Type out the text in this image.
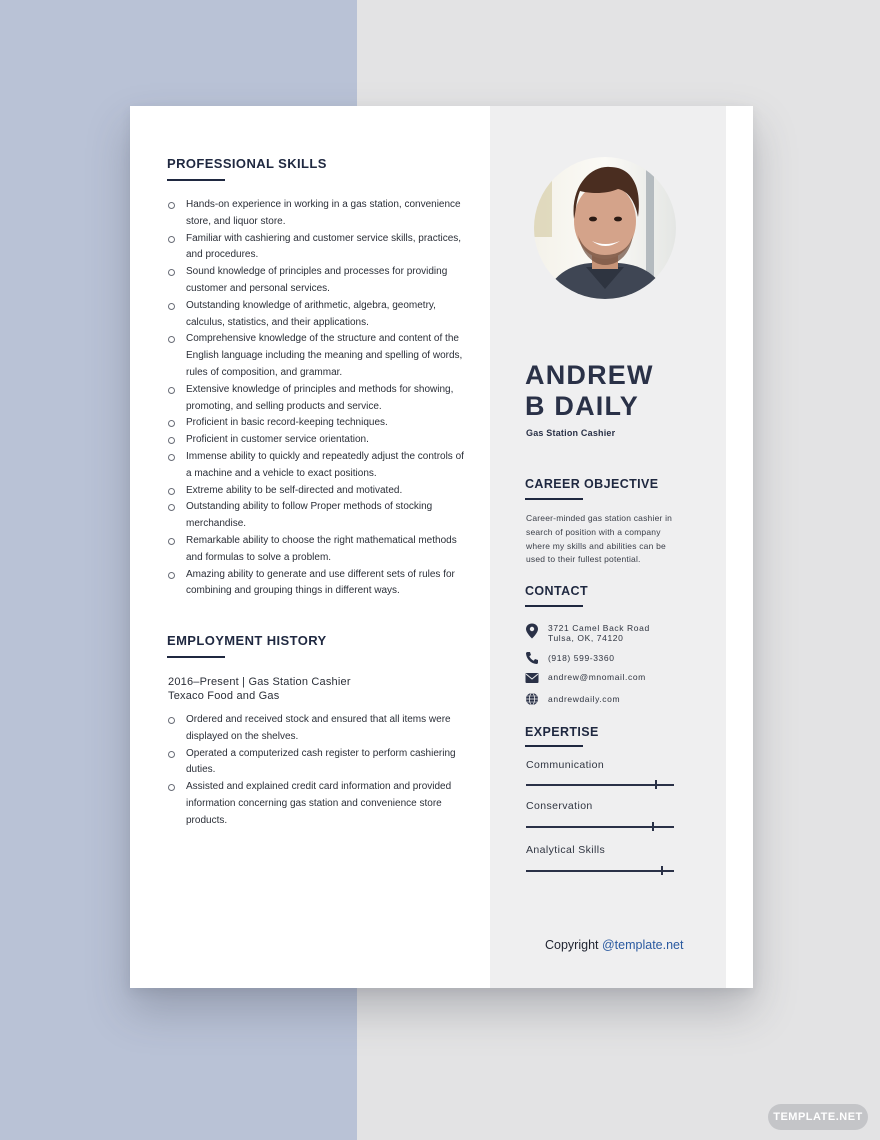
PROFESSIONAL SKILLS
Hands-on experience in working in a gas station, convenience store, and liquor store.
Familiar with cashiering and customer service skills, practices, and procedures.
Sound knowledge of principles and processes for providing customer and personal services.
Outstanding knowledge of arithmetic, algebra, geometry, calculus, statistics, and their applications.
Comprehensive knowledge of the structure and content of the English language including the meaning and spelling of words, rules of composition, and grammar.
Extensive knowledge of principles and methods for showing, promoting, and selling products and service.
Proficient in basic record-keeping techniques.
Proficient in customer service orientation.
Immense ability to quickly and repeatedly adjust the controls of a machine and a vehicle to exact positions.
Extreme ability to be self-directed and motivated.
Outstanding ability to follow Proper methods of stocking merchandise.
Remarkable ability to choose the right mathematical methods and formulas to solve a problem.
Amazing ability to generate and use different sets of rules for combining and grouping things in different ways.
EMPLOYMENT HISTORY
2016–Present | Gas Station Cashier
Texaco Food and Gas
Ordered and received stock and ensured that all items were displayed on the shelves.
Operated a computerized cash register to perform cashiering duties.
Assisted and explained credit card information and provided information concerning gas station and convenience store products.
ANDREW
B DAILY
Gas Station Cashier
CAREER OBJECTIVE
Career-minded gas station cashier in search of position with a company where my skills and abilities can be used to their fullest potential.
CONTACT
3721 Camel Back Road
Tulsa, OK, 74120
(918) 599-3360
andrew@mnomail.com
andrewdaily.com
EXPERTISE
Communication
Conservation
Analytical Skills
Copyright @template.net
TEMPLATE.NET
